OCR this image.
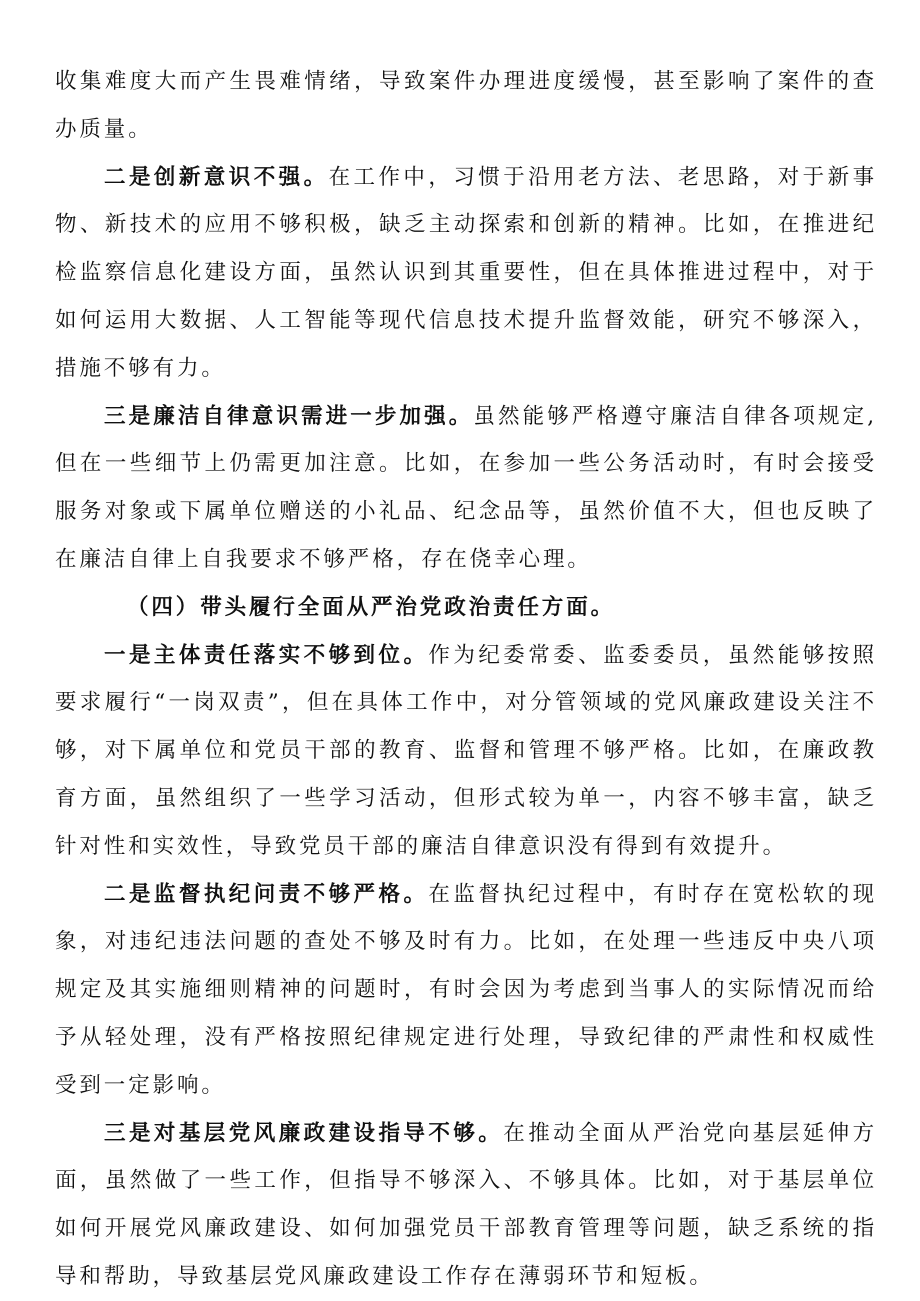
收集难度大而产生畏难情绪，导致案件办理进度缓慢，甚至影响了案件的查办质量。

二是创新意识不强。在工作中，习惯于沿用老方法、老思路，对于新事物、新技术的应用不够积极，缺乏主动探索和创新的精神。比如，在推进纪检监察信息化建设方面，虽然认识到其重要性，但在具体推进过程中，对于如何运用大数据、人工智能等现代信息技术提升监督效能，研究不够深入，措施不够有力。

三是廉洁自律意识需进一步加强。虽然能够严格遵守廉洁自律各项规定,但在一些细节上仍需更加注意。比如，在参加一些公务活动时，有时会接受服务对象或下属单位赠送的小礼品、纪念品等，虽然价值不大，但也反映了在廉洁自律上自我要求不够严格，存在侥幸心理。

（四）带头履行全面从严治党政治责任方面。

一是主体责任落实不够到位。作为纪委常委、监委委员，虽然能够按照要求履行“一岗双责”，但在具体工作中，对分管领域的党风廉政建设关注不够，对下属单位和党员干部的教育、监督和管理不够严格。比如，在廉政教育方面，虽然组织了一些学习活动，但形式较为单一，内容不够丰富，缺乏针对性和实效性，导致党员干部的廉洁自律意识没有得到有效提升。

二是监督执纪问责不够严格。在监督执纪过程中，有时存在宽松软的现象，对违纪违法问题的查处不够及时有力。比如，在处理一些违反中央八项规定及其实施细则精神的问题时，有时会因为考虑到当事人的实际情况而给予从轻处理，没有严格按照纪律规定进行处理，导致纪律的严肃性和权威性受到一定影响。

三是对基层党风廉政建设指导不够。在推动全面从严治党向基层延伸方面，虽然做了一些工作，但指导不够深入、不够具体。比如，对于基层单位如何开展党风廉政建设、如何加强党员干部教育管理等问题，缺乏系统的指导和帮助，导致基层党风廉政建设工作存在薄弱环节和短板。
